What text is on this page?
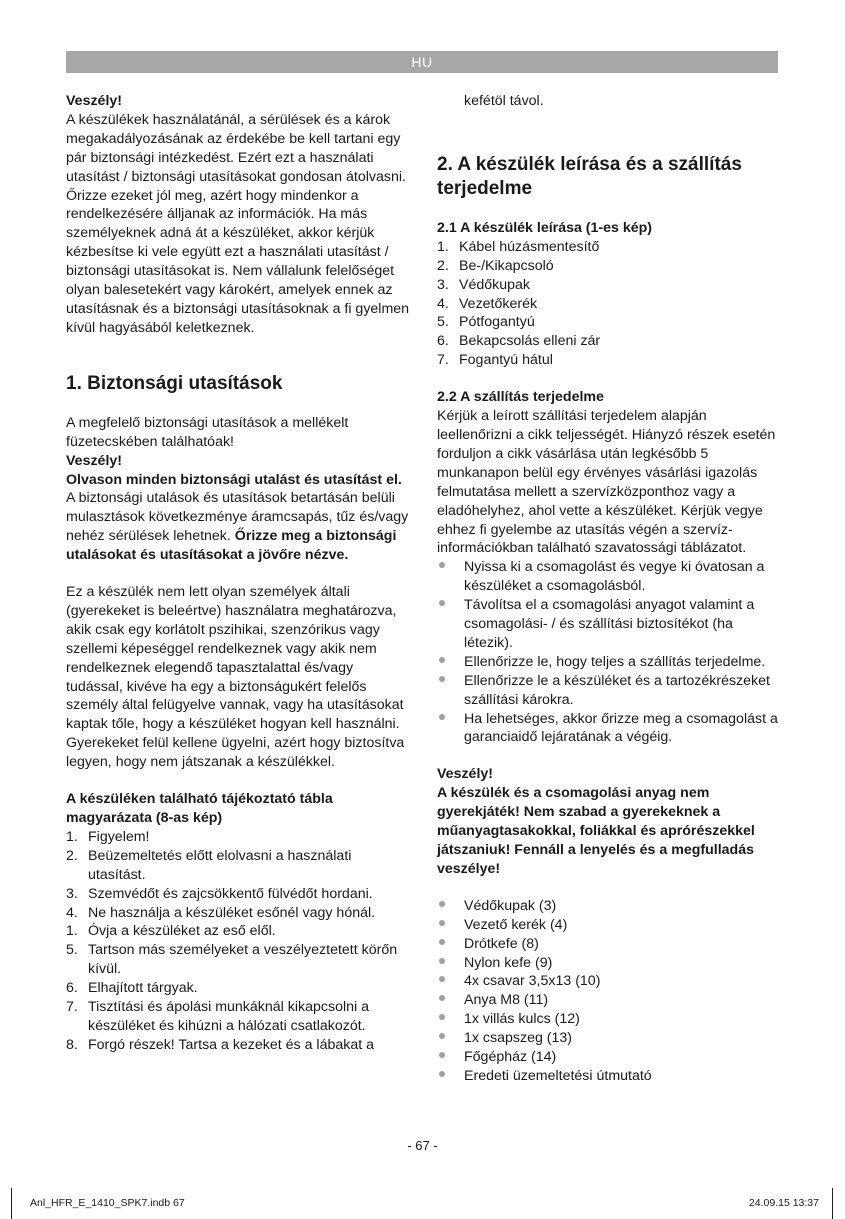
HU

Veszély!

A készülékek használatánál, a sérülések és a károk megakadályozásának az érdekébe be kell tartani egy pár biztonsági intézkedést. Ezért ezt a használati utasítást / biztonsági utasításokat gondosan átolvasni. Őrizze ezeket jól meg, azért hogy mindenkor a rendelkezésére álljanak az információk. Ha más személyeknek adná át a készüléket, akkor kérjük kézbesítse ki vele együtt ezt a használati utasítást / biztonsági utasításokat is. Nem vállalunk felelőséget olyan balesetekért vagy károkért, amelyek ennek az utasításnak és a biztonsági utasításoknak a fi gyelmen kívül hagyásából keletkeznek.

1. Biztonsági utasítások

A megfelelő biztonsági utasítások a mellékelt füzetecskében találhatóak!

Veszély!

Olvason minden biztonsági utalást és utasítást el. A biztonsági utalások és utasítások betartásán belüli mulasztások következménye áramcsapás, tűz és/vagy nehéz sérülések lehetnek. Őrizze meg a biztonsági utalásokat és utasításokat a jövőre nézve.

Ez a készülék nem lett olyan személyek általi (gyerekeket is beleértve) használatra meghatározva, akik csak egy korlátolt pszihikai, szenzórikus vagy szellemi képeséggel rendelkeznek vagy akik nem rendelkeznek elegendő tapasztalattal és/vagy tudással, kivéve ha egy a biztonságukért felelős személy által felügyelve vannak, vagy ha utasításokat kaptak tőle, hogy a készüléket hogyan kell használni. Gyerekeket felül kellene ügyelni, azért hogy biztosítva legyen, hogy nem játszanak a készülékkel.

A készüléken található tájékoztató tábla magyarázata (8-as kép)

1. Figyelem!
2. Beüzemeltetés előtt elolvasni a használati utasítást.
3. Szemvédőt és zajcsökkentő fülvédőt hordani.
4. Ne használja a készüléket esőnél vagy hónál.
1. Óvja a készüléket az eső elől.
5. Tartson más személyeket a veszélyeztetett körőn kívül.
6. Elhajított tárgyak.
7. Tisztítási és ápolási munkáknál kikapcsolni a készüléket és kihúzni a hálózati csatlakozót.
8. Forgó részek! Tartsa a kezeket és a lábakat a

kefétöl távol.

2. A készülék leírása és a szállítás terjedelme

2.1 A készülék leírása (1-es kép)

1. Kábel húzásmentesítő
2. Be-/Kikapcsoló
3. Védőkupak
4. Vezetőkerék
5. Pótfogantyú
6. Bekapcsolás elleni zár
7. Fogantyú hátul

2.2 A szállítás terjedelme

Kérjük a leírott szállítási terjedelem alapján leellenőrizni a cikk teljességét. Hiányzó részek esetén forduljon a cikk vásárlása után legkésőbb 5 munkanapon belül egy érvényes vásárlási igazolás felmutatása mellett a szervízközponthoz vagy a eladóhelyhez, ahol vette a készüléket. Kérjük vegye ehhez fi gyelembe az utasítás végén a szervíz-információkban található szavatossági táblázatot.

Nyissa ki a csomagolást és vegye ki óvatosan a készüléket a csomagolásból.
Távolítsa el a csomagolási anyagot valamint a csomagolási- / és szállítási biztosítékot (ha létezik).
Ellenőrizze le, hogy teljes a szállítás terjedelme.
Ellenőrizze le a készüléket és a tartozékrészeket szállítási károkra.
Ha lehetséges, akkor őrizze meg a csomagolást a garanciaidő lejáratának a végéig.

Veszély!

A készülék és a csomagolási anyag nem gyerekjáték! Nem szabad a gyerekeknek a műanyagtasakokkal, foliákkal és aprórészekkel játszaniuk! Fennáll a lenyelés és a megfulladás veszélye!

Védőkupak (3)
Vezető kerék (4)
Drótkefe (8)
Nylon kefe (9)
4x csavar 3,5x13 (10)
Anya M8 (11)
1x villás kulcs (12)
1x csapszeg (13)
Főgépház (14)
Eredeti üzemeltetési útmutató
- 67 -
Anl_HFR_E_1410_SPK7.indb 67	24.09.15 13:37
